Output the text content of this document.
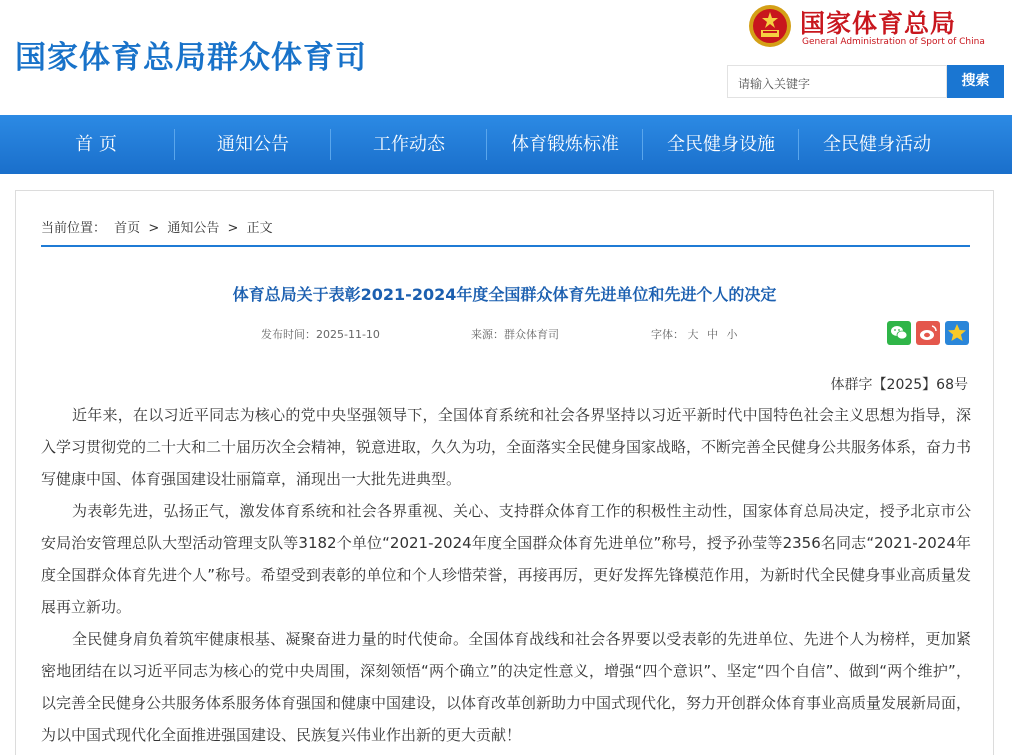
国家体育总局群众体育司
国家体育总局
General Administration of Sport of China
请输入关键字	搜索
首 页	通知公告	工作动态	体育锻炼标准	全民健身设施	全民健身活动
当前位置： 首页 > 通知公告 > 正文
体育总局关于表彰2021-2024年度全国群众体育先进单位和先进个人的决定
发布时间：2025-11-10	来源：群众体育司	字体： 大 中 小
体群字【2025】68号
近年来，在以习近平同志为核心的党中央坚强领导下，全国体育系统和社会各界坚持以习近平新时代中国特色社会主义思想为指导，深入学习贯彻党的二十大和二十届历次全会精神，锐意进取，久久为功，全面落实全民健身国家战略，不断完善全民健身公共服务体系，奋力书写健康中国、体育强国建设壮丽篇章，涌现出一大批先进典型。
为表彰先进，弘扬正气，激发体育系统和社会各界重视、关心、支持群众体育工作的积极性主动性，国家体育总局决定，授予北京市公安局治安管理总队大型活动管理支队等3182个单位“2021-2024年度全国群众体育先进单位”称号，授予孙莹等2356名同志“2021-2024年度全国群众体育先进个人”称号。希望受到表彰的单位和个人珍惜荣誉，再接再厉，更好发挥先锋模范作用，为新时代全民健身事业高质量发展再立新功。
全民健身肩负着筑牢健康根基、凝聚奋进力量的时代使命。全国体育战线和社会各界要以受表彰的先进单位、先进个人为榜样，更加紧密地团结在以习近平同志为核心的党中央周围，深刻领悟“两个确立”的决定性意义，增强“四个意识”、坚定“四个自信”、做到“两个维护”，以完善全民健身公共服务体系服务体育强国和健康中国建设，以体育改革创新助力中国式现代化，努力开创群众体育事业高质量发展新局面，为以中国式现代化全面推进强国建设、民族复兴伟业作出新的更大贡献！
